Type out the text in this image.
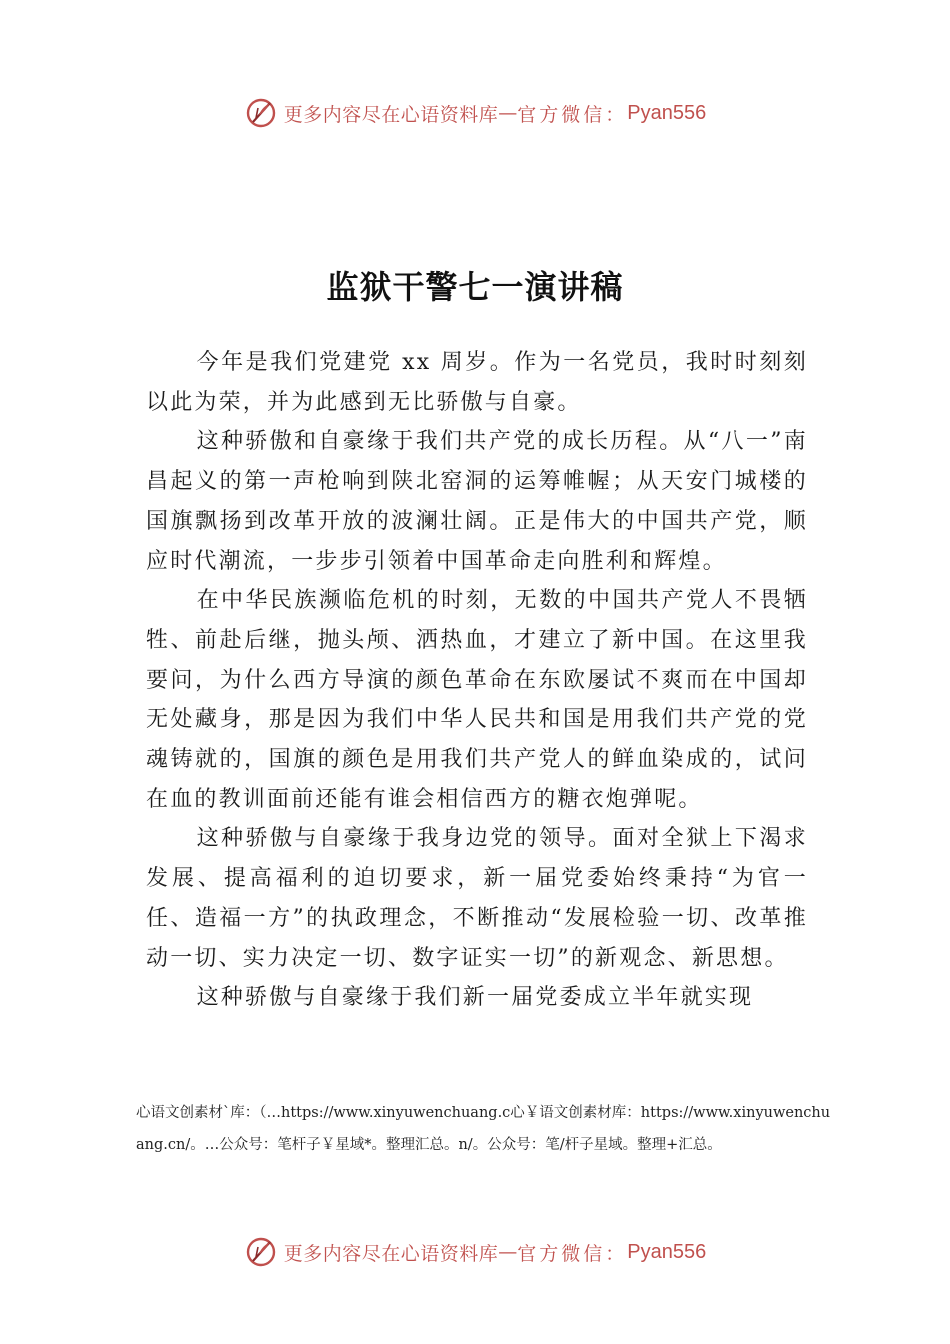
更多内容尽在心语资料库 — 官方微信： Pyan556
监狱干警七一演讲稿

今年是我们党建党 xx 周岁。作为一名党员，我时时刻刻以此为荣，并为此感到无比骄傲与自豪。

这种骄傲和自豪缘于我们共产党的成长历程。从“八一”南昌起义的第一声枪响到陕北窑洞的运筹帷幄；从天安门城楼的国旗飘扬到改革开放的波澜壮阔。正是伟大的中国共产党，顺应时代潮流，一步步引领着中国革命走向胜利和辉煌。

在中华民族濒临危机的时刻，无数的中国共产党人不畏牺牲、前赴后继，抛头颅、洒热血，才建立了新中国。在这里我要问，为什么西方导演的颜色革命在东欧屡试不爽而在中国却无处藏身，那是因为我们中华人民共和国是用我们共产党的党魂铸就的，国旗的颜色是用我们共产党人的鲜血染成的，试问在血的教训面前还能有谁会相信西方的糖衣炮弹呢。

这种骄傲与自豪缘于我身边党的领导。面对全狱上下渴求发展、提高福利的迫切要求，新一届党委始终秉持“为官一任、造福一方”的执政理念，不断推动“发展检验一切、改革推动一切、实力决定一切、数字证实一切”的新观念、新思想。

这种骄傲与自豪缘于我们新一届党委成立半年就实现

心语文创素材`库：（…https://www.xinyuwenchuang.c心￥语文创素材库：https://www.xinyuwenchuang.cn/。…公众号：笔杆子￥星域*。整理汇总。n/。公众号：笔/杆子星域。整理+汇总。

更多内容尽在心语资料库 — 官方微信： Pyan556
